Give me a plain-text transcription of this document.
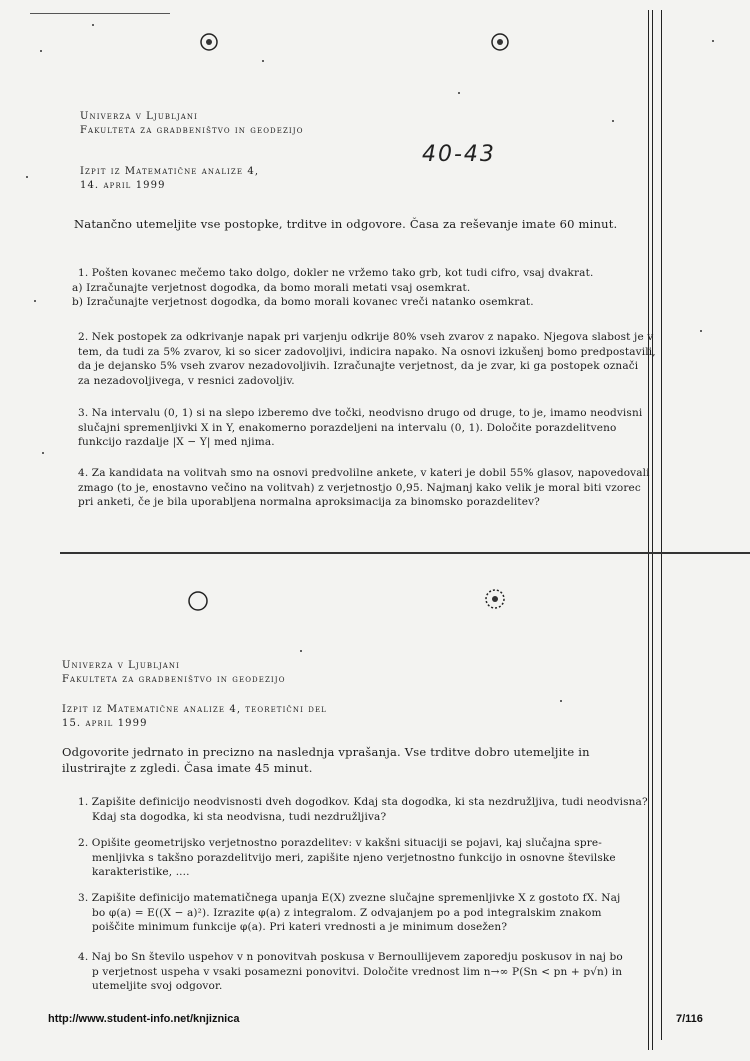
Univerza v Ljubljani
Fakulteta za gradbeništvo in geodezijo
Izpit iz Matematične analize 4,
14. april 1999
40-43
Natančno utemeljite vse postopke, trditve in odgovore. Časa za reševanje imate 60 minut.
1. Pošten kovanec mečemo tako dolgo, dokler ne vržemo tako grb, kot tudi cifro, vsaj dvakrat.
a) Izračunajte verjetnost dogodka, da bomo morali metati vsaj osemkrat.
b) Izračunajte verjetnost dogodka, da bomo morali kovanec vreči natanko osemkrat.
2. Nek postopek za odkrivanje napak pri varjenju odkrije 80% vseh zvarov z napako. Njegova slabost je v
tem, da tudi za 5% zvarov, ki so sicer zadovoljivi, indicira napako. Na osnovi izkušenj bomo predpostavili,
da je dejansko 5% vseh zvarov nezadovoljivih. Izračunajte verjetnost, da je zvar, ki ga postopek označi
za nezadovoljivega, v resnici zadovoljiv.
3. Na intervalu (0, 1) si na slepo izberemo dve točki, neodvisno drugo od druge, to je, imamo neodvisni
slučajni spremenljivki X in Y, enakomerno porazdeljeni na intervalu (0, 1). Določite porazdelitveno
funkcijo razdalje |X − Y| med njima.
4. Za kandidata na volitvah smo na osnovi predvolilne ankete, v kateri je dobil 55% glasov, napovedovali
zmago (to je, enostavno večino na volitvah) z verjetnostjo 0,95. Najmanj kako velik je moral biti vzorec
pri anketi, če je bila uporabljena normalna aproksimacija za binomsko porazdelitev?
Univerza v Ljubljani
Fakulteta za gradbeništvo in geodezijo
Izpit iz Matematične analize 4, teoretični del
15. april 1999
Odgovorite jedrnato in precizno na naslednja vprašanja. Vse trditve dobro utemeljite in
ilustrirajte z zgledi. Časa imate 45 minut.
1. Zapišite definicijo neodvisnosti dveh dogodkov. Kdaj sta dogodka, ki sta nezdružljiva, tudi neodvisna?
Kdaj sta dogodka, ki sta neodvisna, tudi nezdružljiva?
2. Opišite geometrijsko verjetnostno porazdelitev: v kakšni situaciji se pojavi, kaj slučajna spre-
menljivka s takšno porazdelitvijo meri, zapišite njeno verjetnostno funkcijo in osnovne številske
karakteristike, ....
3. Zapišite definicijo matematičnega upanja E(X) zvezne slučajne spremenljivke X z gostoto fX. Naj
bo φ(a) = E((X − a)²). Izrazite φ(a) z integralom. Z odvajanjem po a pod integralskim znakom
poiščite minimum funkcije φ(a). Pri kateri vrednosti a je minimum dosežen?
4. Naj bo Sn število uspehov v n ponovitvah poskusa v Bernoullijevem zaporedju poskusov in naj bo
p verjetnost uspeha v vsaki posamezni ponovitvi. Določite vrednost lim n→∞ P(Sn < pn + p√n) in
utemeljite svoj odgovor.
http://www.student-info.net/knjiznica	7/116
